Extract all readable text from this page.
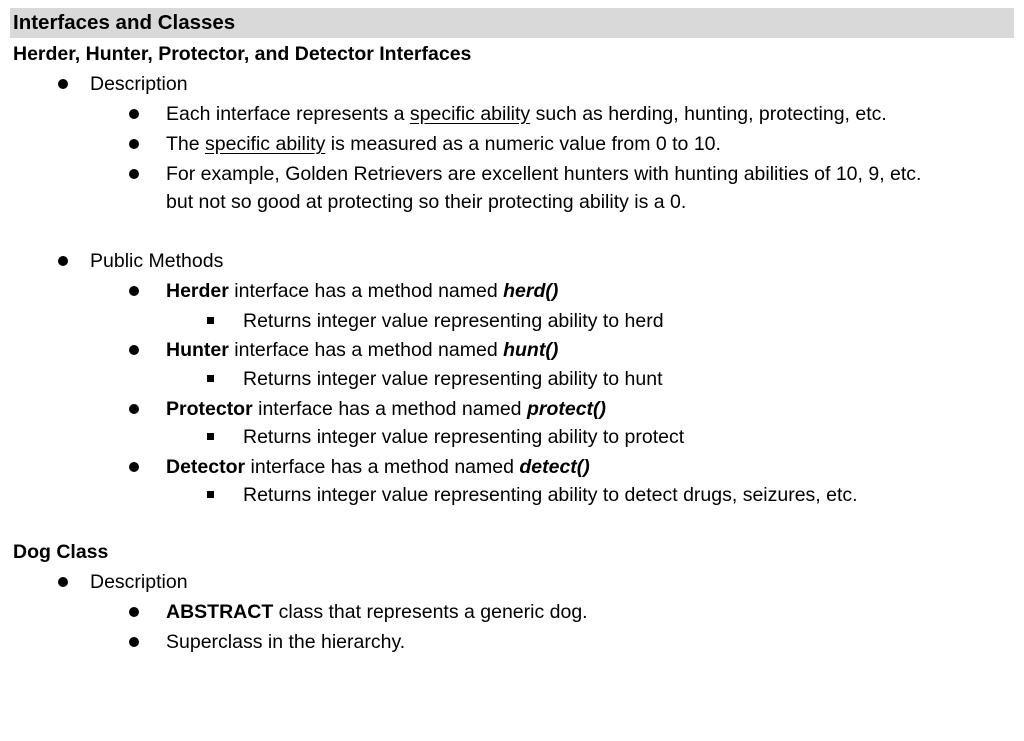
Interfaces and Classes
Herder, Hunter, Protector, and Detector Interfaces
Description
Each interface represents a specific ability such as herding, hunting, protecting, etc.
The specific ability is measured as a numeric value from 0 to 10.
For example, Golden Retrievers are excellent hunters with hunting abilities of 10, 9, etc.
but not so good at protecting so their protecting ability is a 0.
Public Methods
Herder interface has a method named herd()
Returns integer value representing ability to herd
Hunter interface has a method named hunt()
Returns integer value representing ability to hunt
Protector interface has a method named protect()
Returns integer value representing ability to protect
Detector interface has a method named detect()
Returns integer value representing ability to detect drugs, seizures, etc.
Dog Class
Description
ABSTRACT class that represents a generic dog.
Superclass in the hierarchy.
